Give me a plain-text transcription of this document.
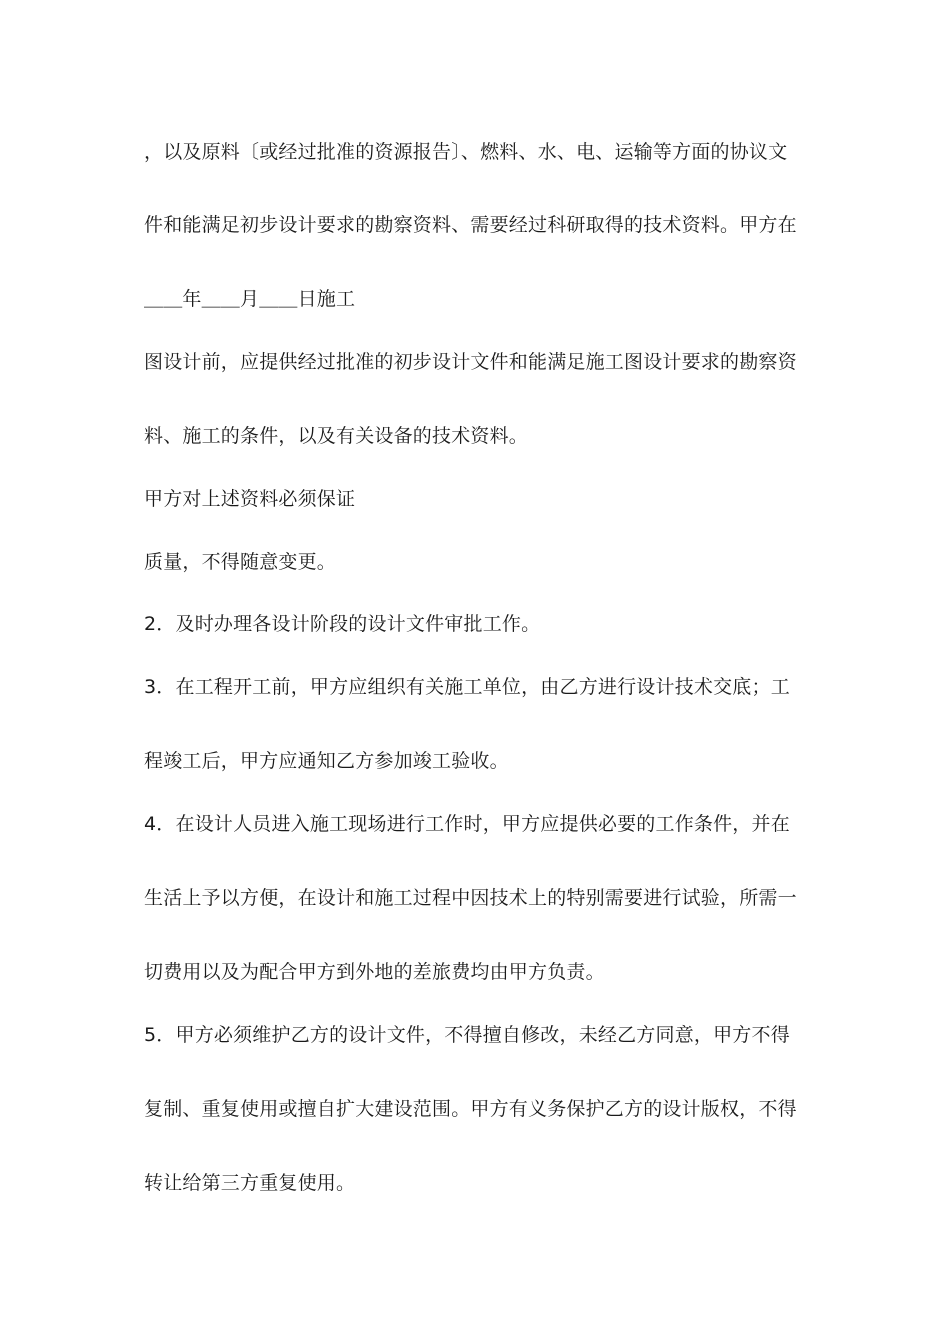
，以及原料〔或经过批准的资源报告〕、燃料、水、电、运输等方面的协议文
件和能满足初步设计要求的勘察资料、需要经过科研取得的技术资料。甲方在
＿＿年＿＿月＿＿日施工
图设计前，应提供经过批准的初步设计文件和能满足施工图设计要求的勘察资
料、施工的条件，以及有关设备的技术资料。
甲方对上述资料必须保证
质量，不得随意变更。
2．及时办理各设计阶段的设计文件审批工作。
3．在工程开工前，甲方应组织有关施工单位，由乙方进行设计技术交底；工
程竣工后，甲方应通知乙方参加竣工验收。
4．在设计人员进入施工现场进行工作时，甲方应提供必要的工作条件，并在
生活上予以方便，在设计和施工过程中因技术上的特别需要进行试验，所需一
切费用以及为配合甲方到外地的差旅费均由甲方负责。
5．甲方必须维护乙方的设计文件，不得擅自修改，未经乙方同意，甲方不得
复制、重复使用或擅自扩大建设范围。甲方有义务保护乙方的设计版权，不得
转让给第三方重复使用。
